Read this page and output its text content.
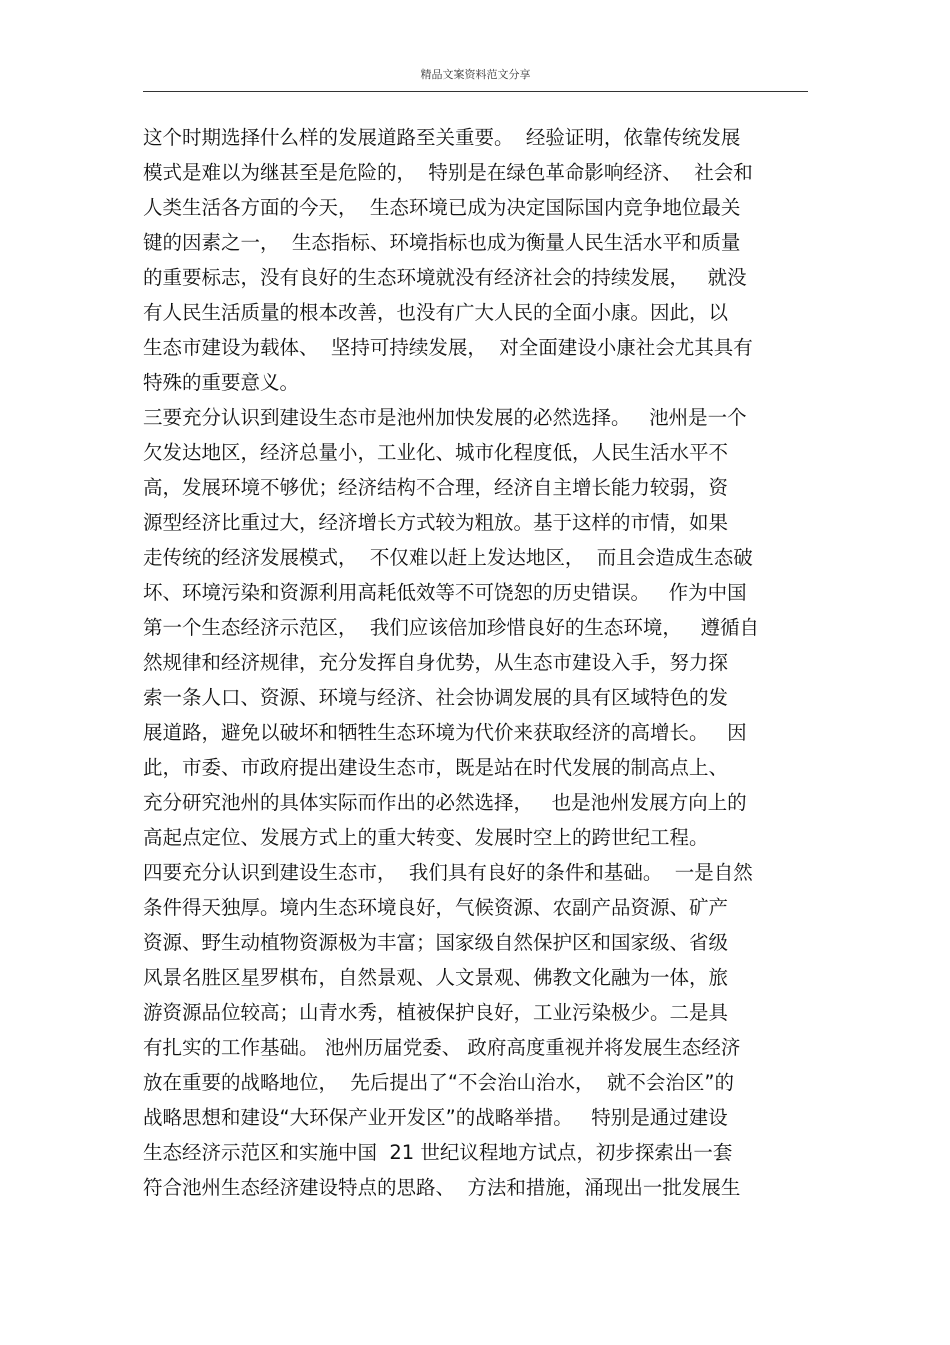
精品文案资料范文分享
这个时期选择什么样的发展道路至关重要。  经验证明，依靠传统发展
模式是难以为继甚至是危险的，  特别是在绿色革命影响经济、  社会和
人类生活各方面的今天，  生态环境已成为决定国际国内竞争地位最关
键的因素之一，  生态指标、环境指标也成为衡量人民生活水平和质量
的重要标志，没有良好的生态环境就没有经济社会的持续发展，   就没
有人民生活质量的根本改善，也没有广大人民的全面小康。因此，以
生态市建设为载体、  坚持可持续发展，  对全面建设小康社会尤其具有
特殊的重要意义。
三要充分认识到建设生态市是池州加快发展的必然选择。   池州是一个
欠发达地区，经济总量小，工业化、城市化程度低，人民生活水平不
高，发展环境不够优；经济结构不合理，经济自主增长能力较弱，资
源型经济比重过大，经济增长方式较为粗放。基于这样的市情，如果
走传统的经济发展模式，  不仅难以赶上发达地区，  而且会造成生态破
坏、环境污染和资源利用高耗低效等不可饶恕的历史错误。   作为中国
第一个生态经济示范区，  我们应该倍加珍惜良好的生态环境，   遵循自
然规律和经济规律，充分发挥自身优势，从生态市建设入手，努力探
索一条人口、资源、环境与经济、社会协调发展的具有区域特色的发
展道路，避免以破坏和牺牲生态环境为代价来获取经济的高增长。   因
此，市委、市政府提出建设生态市，既是站在时代发展的制高点上、
充分研究池州的具体实际而作出的必然选择，   也是池州发展方向上的
高起点定位、发展方式上的重大转变、发展时空上的跨世纪工程。
四要充分认识到建设生态市，  我们具有良好的条件和基础。  一是自然
条件得天独厚。境内生态环境良好，气候资源、农副产品资源、矿产
资源、野生动植物资源极为丰富；国家级自然保护区和国家级、省级
风景名胜区星罗棋布，自然景观、人文景观、佛教文化融为一体，旅
游资源品位较高；山青水秀，植被保护良好，工业污染极少。二是具
有扎实的工作基础。 池州历届党委、 政府高度重视并将发展生态经济
放在重要的战略地位，  先后提出了“不会治山治水，  就不会治区”的
战略思想和建设“大环保产业开发区”的战略举措。   特别是通过建设
生态经济示范区和实施中国  21 世纪议程地方试点，初步探索出一套
符合池州生态经济建设特点的思路、  方法和措施，涌现出一批发展生
